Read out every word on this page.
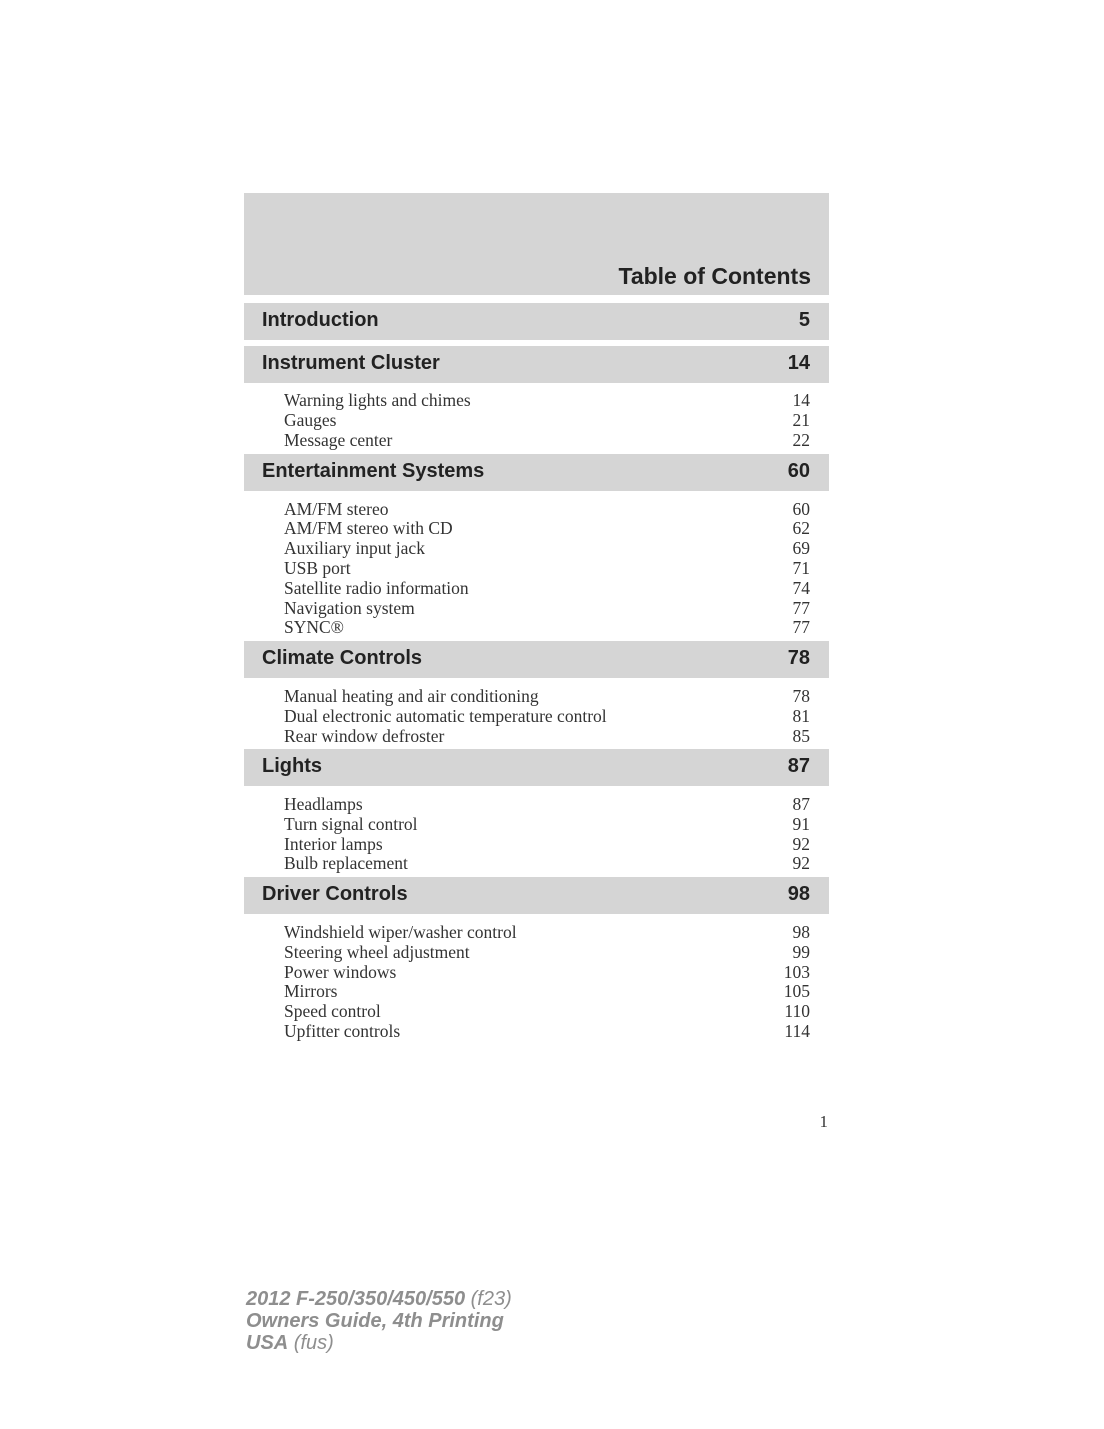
Table of Contents
Introduction	5
Instrument Cluster	14
Warning lights and chimes	14
Gauges	21
Message center	22
Entertainment Systems	60
AM/FM stereo	60
AM/FM stereo with CD	62
Auxiliary input jack	69
USB port	71
Satellite radio information	74
Navigation system	77
SYNC®	77
Climate Controls	78
Manual heating and air conditioning	78
Dual electronic automatic temperature control	81
Rear window defroster	85
Lights	87
Headlamps	87
Turn signal control	91
Interior lamps	92
Bulb replacement	92
Driver Controls	98
Windshield wiper/washer control	98
Steering wheel adjustment	99
Power windows	103
Mirrors	105
Speed control	110
Upfitter controls	114
1
2012 F-250/350/450/550 (f23)
Owners Guide, 4th Printing
USA (fus)
